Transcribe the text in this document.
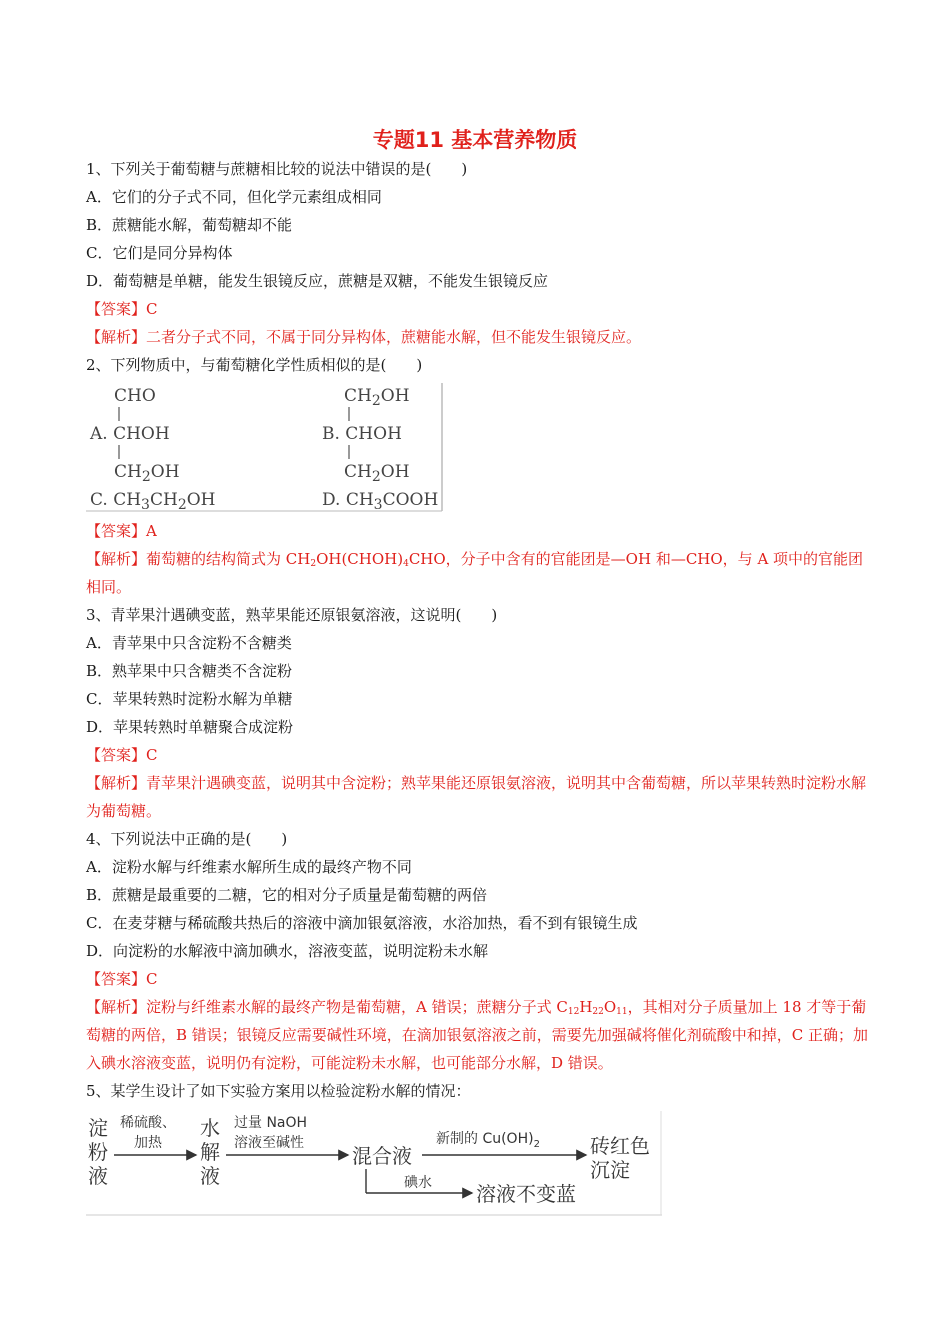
专题11 基本营养物质
1、下列关于葡萄糖与蔗糖相比较的说法中错误的是(　　)
A．它们的分子式不同，但化学元素组成相同
B．蔗糖能水解，葡萄糖却不能
C．它们是同分异构体
D．葡萄糖是单糖，能发生银镜反应，蔗糖是双糖，不能发生银镜反应
【答案】C
【解析】二者分子式不同，不属于同分异构体，蔗糖能水解，但不能发生银镜反应。
2、下列物质中，与葡萄糖化学性质相似的是(　　)
CHO
A. CHOH
$CH_2OH$
$CH_2OH$
B. CHOH
$CH_2OH$
C. $CH_3CH_2OH$	D. $CH_3COOH$
【答案】A
【解析】葡萄糖的结构简式为 $CH_2OH(CHOH)_4CHO$，分子中含有的官能团是—OH 和—CHO，与 A 项中的官能团相同。
3、青苹果汁遇碘变蓝，熟苹果能还原银氨溶液，这说明(　　)
A．青苹果中只含淀粉不含糖类
B．熟苹果中只含糖类不含淀粉
C．苹果转熟时淀粉水解为单糖
D．苹果转熟时单糖聚合成淀粉
【答案】C
【解析】青苹果汁遇碘变蓝，说明其中含淀粉；熟苹果能还原银氨溶液，说明其中含葡萄糖，所以苹果转熟时淀粉水解为葡萄糖。
4、下列说法中正确的是(　　)
A．淀粉水解与纤维素水解所生成的最终产物不同
B．蔗糖是最重要的二糖，它的相对分子质量是葡萄糖的两倍
C．在麦芽糖与稀硫酸共热后的溶液中滴加银氨溶液，水浴加热，看不到有银镜生成
D．向淀粉的水解液中滴加碘水，溶液变蓝，说明淀粉未水解
【答案】C
【解析】淀粉与纤维素水解的最终产物是葡萄糖，A 错误；蔗糖分子式 $C_{12}H_{22}O_{11}$，其相对分子质量加上 18 才等于葡萄糖的两倍，B 错误；银镜反应需要碱性环境，在滴加银氨溶液之前，需要先加强碱将催化剂硫酸中和掉，C 正确；加入碘水溶液变蓝，说明仍有淀粉，可能淀粉未水解，也可能部分水解，D 错误。
5、某学生设计了如下实验方案用以检验淀粉水解的情况：
淀
粉
液
稀硫酸、
加热
水
解
液
过量 NaOH
溶液至碱性
混合液
新制的 $Cu(OH)_2$	砖红色
沉淀
碘水 溶液不变蓝
